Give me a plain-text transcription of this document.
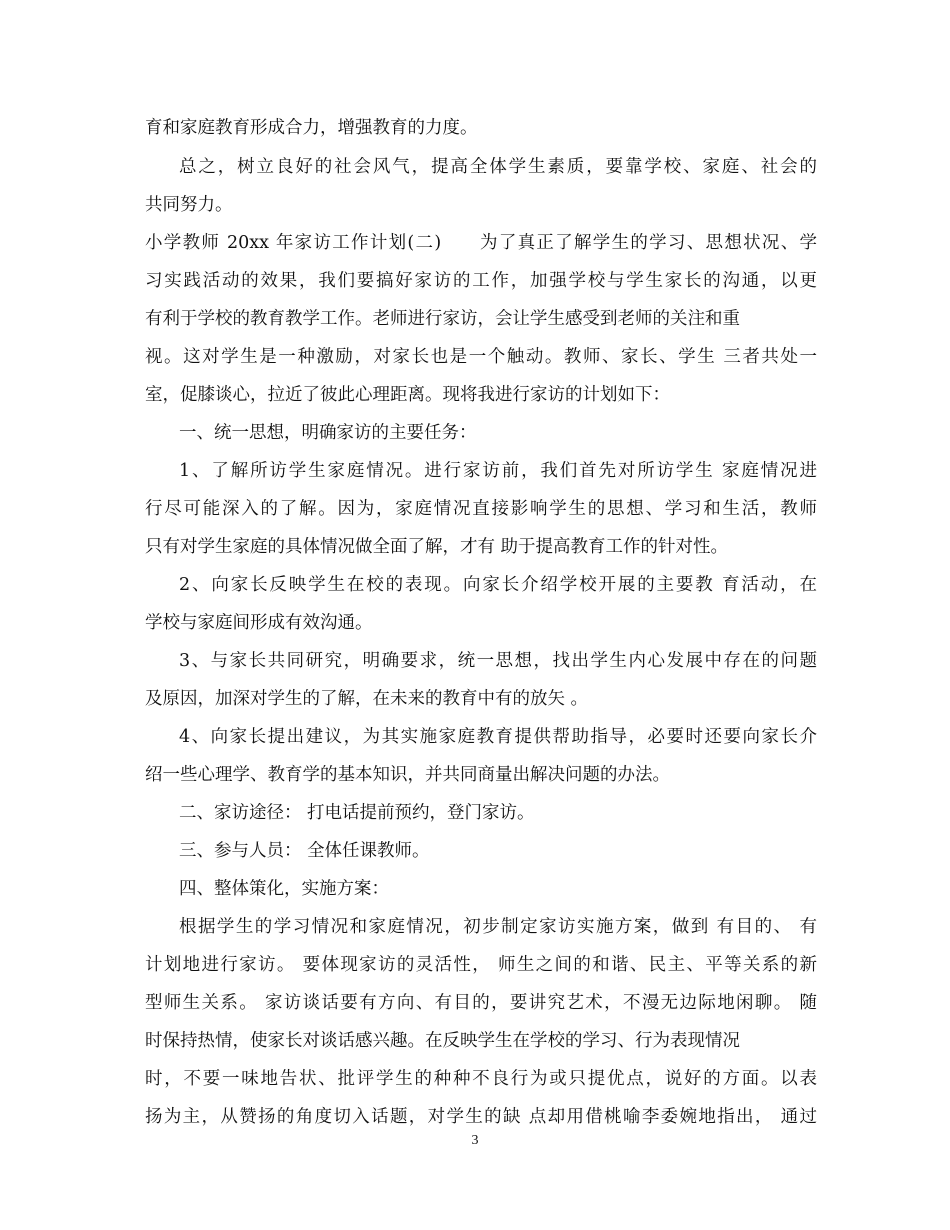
育和家庭教育形成合力，增强教育的力度。
总之，树立良好的社会风气，提高全体学生素质，要靠学校、家庭、社会的
共同努力。
小学教师 20xx 年家访工作计划(二)　　为了真正了解学生的学习、思想状况、学
习实践活动的效果，我们要搞好家访的工作，加强学校与学生家长的沟通，以更
有利于学校的教育教学工作。老师进行家访，会让学生感受到老师的关注和重
视。这对学生是一种激励，对家长也是一个触动。教师、家长、学生 三者共处一
室，促膝谈心，拉近了彼此心理距离。现将我进行家访的计划如下：
一、统一思想，明确家访的主要任务：
1、了解所访学生家庭情况。进行家访前，我们首先对所访学生 家庭情况进
行尽可能深入的了解。因为，家庭情况直接影响学生的思想、学习和生活，教师
只有对学生家庭的具体情况做全面了解，才有 助于提高教育工作的针对性。
2、向家长反映学生在校的表现。向家长介绍学校开展的主要教 育活动，在
学校与家庭间形成有效沟通。
3、与家长共同研究，明确要求，统一思想，找出学生内心发展中存在的问题
及原因，加深对学生的了解，在未来的教育中有的放矢 。
4、向家长提出建议，为其实施家庭教育提供帮助指导，必要时还要向家长介
绍一些心理学、教育学的基本知识，并共同商量出解决问题的办法。
二、家访途径： 打电话提前预约，登门家访。
三、参与人员： 全体任课教师。
四、整体策化，实施方案：
根据学生的学习情况和家庭情况，初步制定家访实施方案，做到 有目的、 有
计划地进行家访。 要体现家访的灵活性， 师生之间的和谐、民主、平等关系的新
型师生关系。 家访谈话要有方向、有目的，要讲究艺术，不漫无边际地闲聊。 随
时保持热情，使家长对谈话感兴趣。在反映学生在学校的学习、行为表现情况
时，不要一味地告状、批评学生的种种不良行为或只提优点，说好的方面。以表
扬为主，从赞扬的角度切入话题，对学生的缺 点却用借桃喻李委婉地指出， 通过
3
